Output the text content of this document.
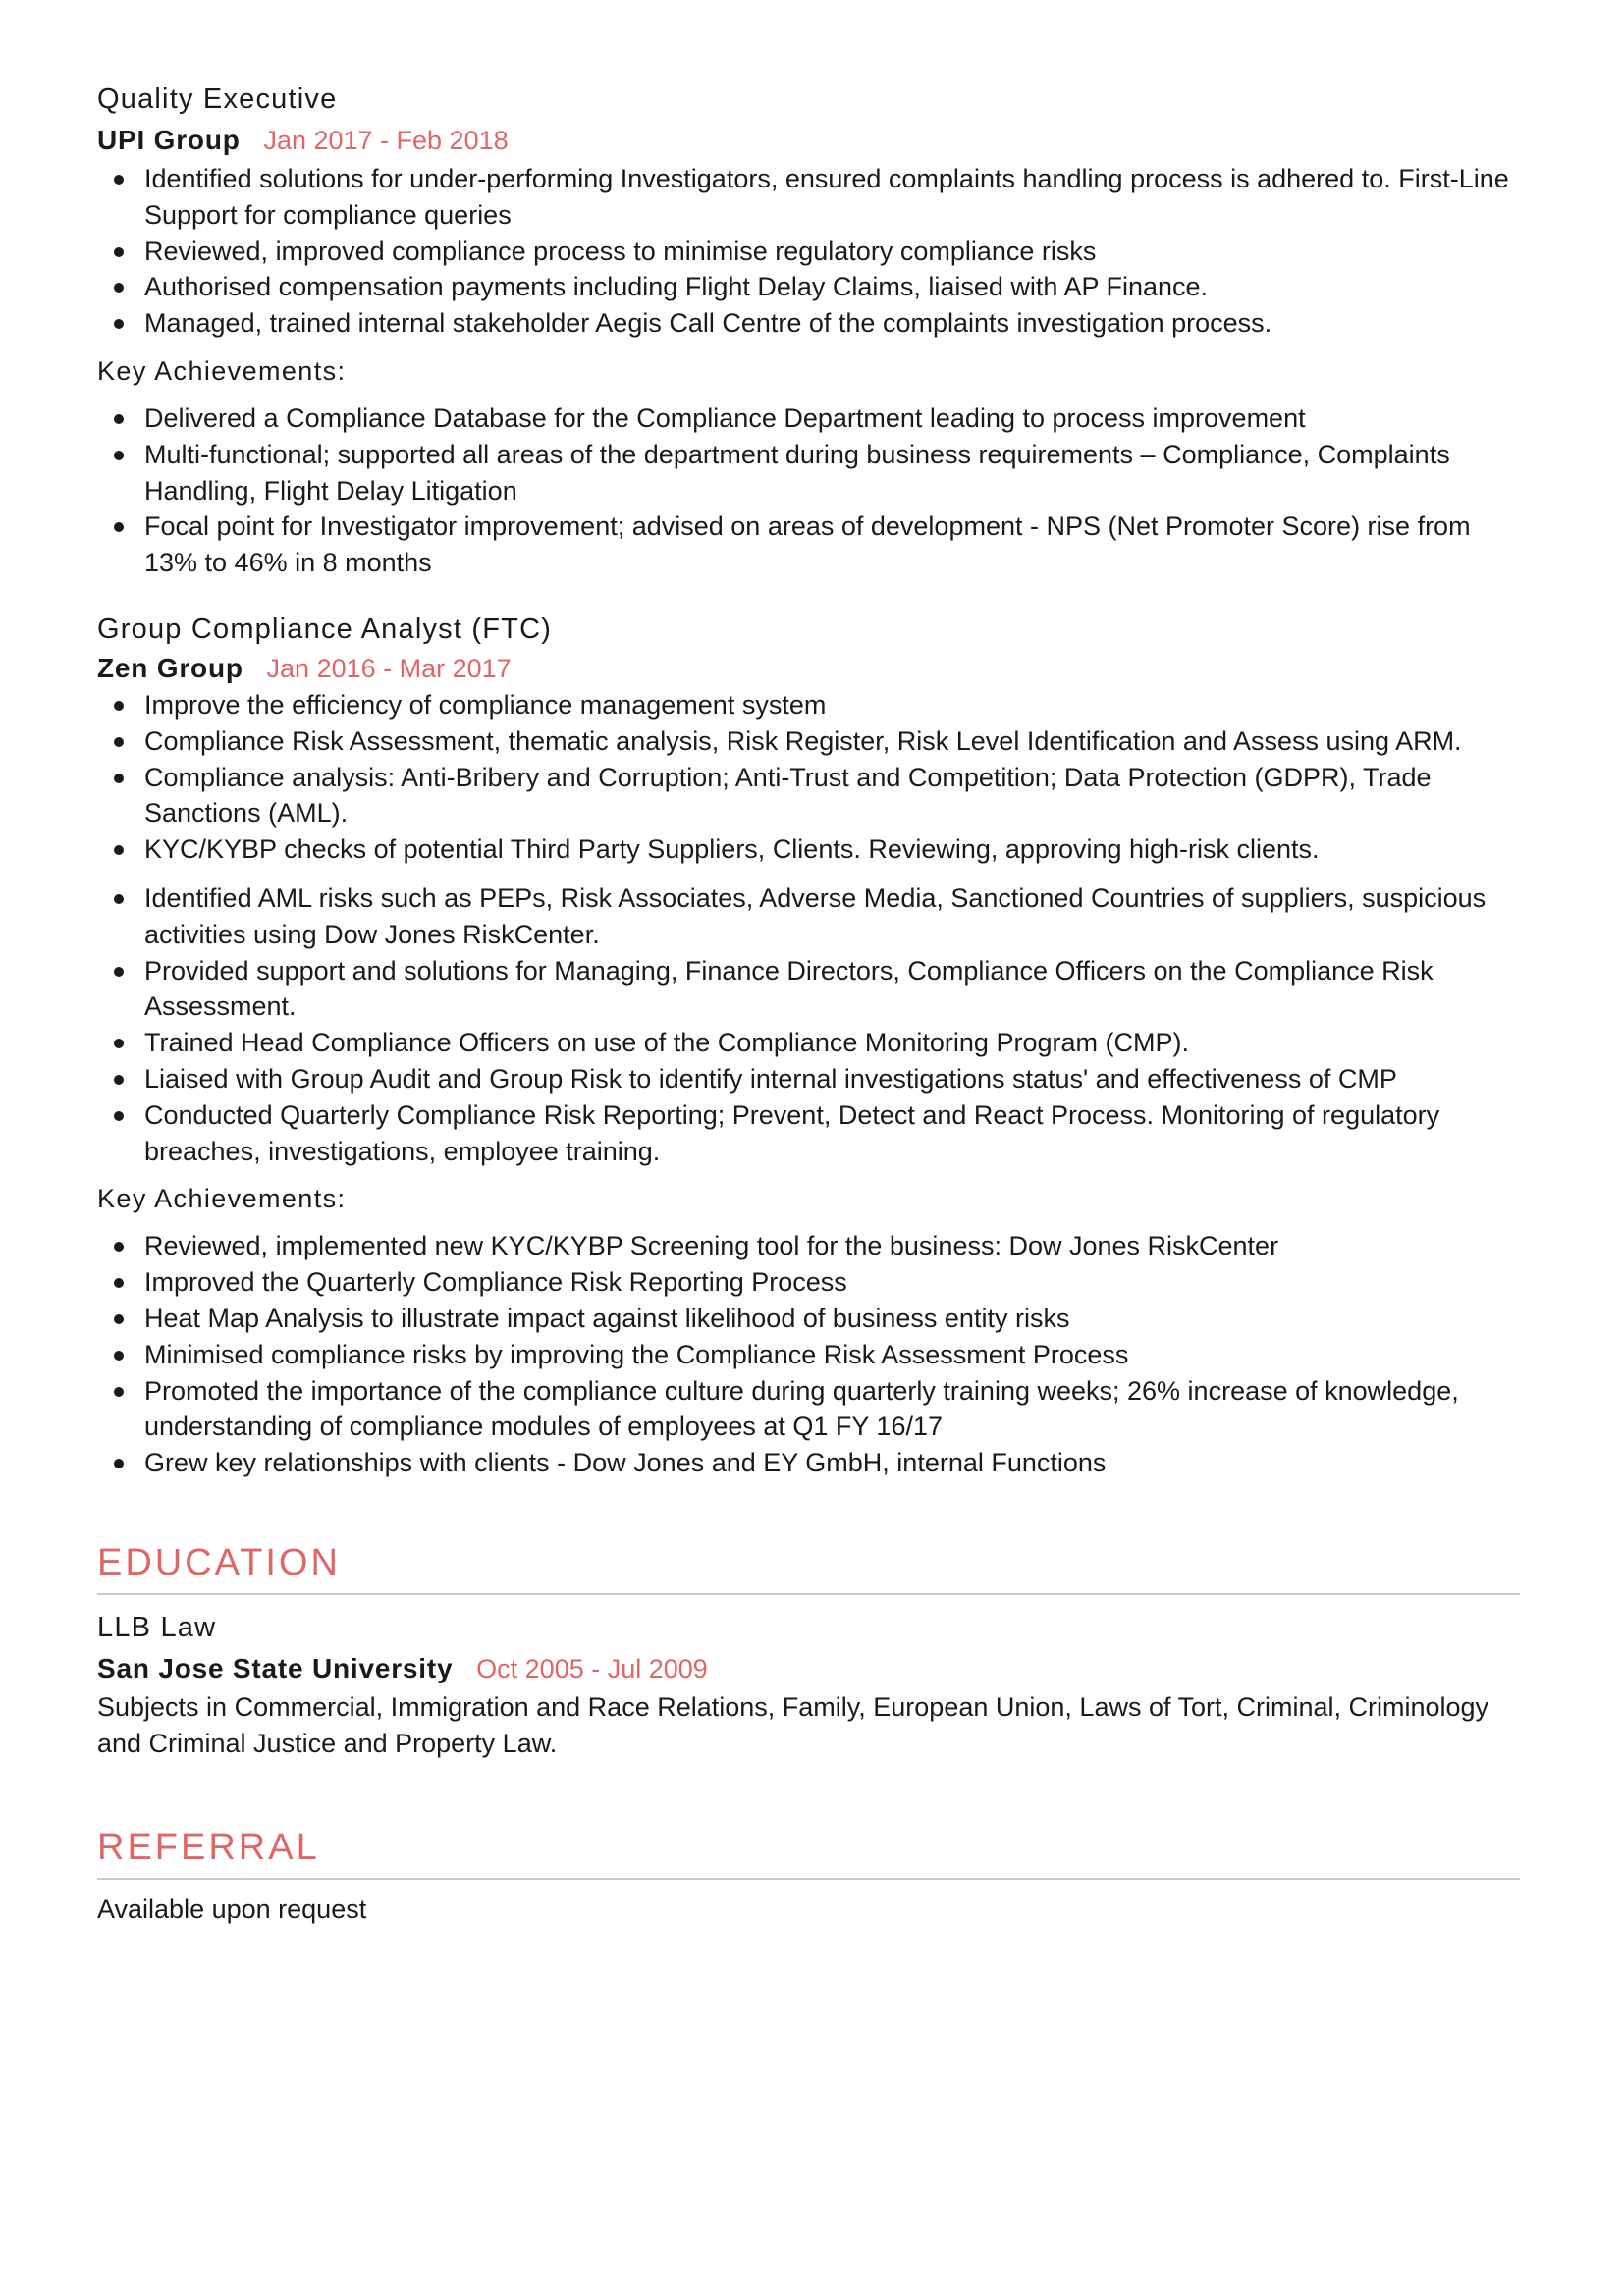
Quality Executive
UPI Group Jan 2017 - Feb 2018
Identified solutions for under-performing Investigators, ensured complaints handling process is adhered to. First-Line Support for compliance queries
Reviewed, improved compliance process to minimise regulatory compliance risks
Authorised compensation payments including Flight Delay Claims, liaised with AP Finance.
Managed, trained internal stakeholder Aegis Call Centre of the complaints investigation process.
Key Achievements:
Delivered a Compliance Database for the Compliance Department leading to process improvement
Multi-functional; supported all areas of the department during business requirements – Compliance, Complaints Handling, Flight Delay Litigation
Focal point for Investigator improvement; advised on areas of development - NPS (Net Promoter Score) rise from 13% to 46% in 8 months
Group Compliance Analyst (FTC)
Zen Group Jan 2016 - Mar 2017
Improve the efficiency of compliance management system
Compliance Risk Assessment, thematic analysis, Risk Register, Risk Level Identification and Assess using ARM.
Compliance analysis: Anti-Bribery and Corruption; Anti-Trust and Competition; Data Protection (GDPR), Trade Sanctions (AML).
KYC/KYBP checks of potential Third Party Suppliers, Clients. Reviewing, approving high-risk clients.
Identified AML risks such as PEPs, Risk Associates, Adverse Media, Sanctioned Countries of suppliers, suspicious activities using Dow Jones RiskCenter.
Provided support and solutions for Managing, Finance Directors, Compliance Officers on the Compliance Risk Assessment.
Trained Head Compliance Officers on use of the Compliance Monitoring Program (CMP).
Liaised with Group Audit and Group Risk to identify internal investigations status' and effectiveness of CMP
Conducted Quarterly Compliance Risk Reporting; Prevent, Detect and React Process. Monitoring of regulatory breaches, investigations, employee training.
Key Achievements:
Reviewed, implemented new KYC/KYBP Screening tool for the business: Dow Jones RiskCenter
Improved the Quarterly Compliance Risk Reporting Process
Heat Map Analysis to illustrate impact against likelihood of business entity risks
Minimised compliance risks by improving the Compliance Risk Assessment Process
Promoted the importance of the compliance culture during quarterly training weeks; 26% increase of knowledge, understanding of compliance modules of employees at Q1 FY 16/17
Grew key relationships with clients - Dow Jones and EY GmbH, internal Functions
EDUCATION
LLB Law
San Jose State University Oct 2005 - Jul 2009

Subjects in Commercial, Immigration and Race Relations, Family, European Union, Laws of Tort, Criminal, Criminology and Criminal Justice and Property Law.

REFERRAL

Available upon request
